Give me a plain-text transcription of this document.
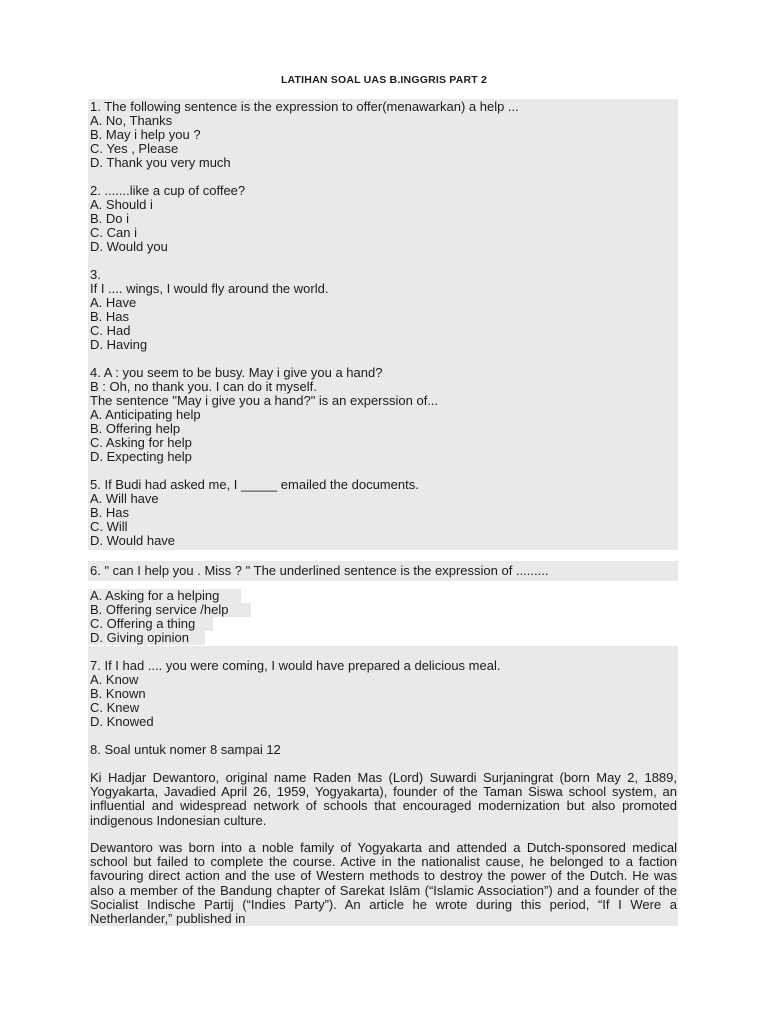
LATIHAN SOAL UAS B.INGGRIS PART 2
1. The following sentence is the expression to offer(menawarkan) a help ...
A. No, Thanks
B. May i help you ?
C. Yes , Please
D. Thank you very much
2. .......like a cup of coffee?
A. Should i
B. Do i
C. Can i
D. Would you
3.
If I .... wings, I would fly around the world.
A. Have
B. Has
C. Had
D. Having
4. A : you seem to be busy. May i give you a hand?
B : Oh, no thank you. I can do it myself.
The sentence "May i give you a hand?" is an experssion of...
A. Anticipating help
B. Offering help
C. Asking for help
D. Expecting help
5. If Budi had asked me, I _____ emailed the documents.
A. Will have
B. Has
C. Will
D. Would have
6. " can I help you . Miss ? " The underlined sentence is the expression of .........
A. Asking for a helping
B. Offering service /help
C. Offering a thing
D. Giving opinion
7. If I had .... you were coming, I would have prepared a delicious meal.
A. Know
B. Known
C. Knew
D. Knowed
8. Soal untuk nomer 8 sampai 12
Ki Hadjar Dewantoro, original name Raden Mas (Lord) Suwardi Surjaningrat (born May 2, 1889, Yogyakarta, Javadied April 26, 1959, Yogyakarta), founder of the Taman Siswa school system, an influential and widespread network of schools that encouraged modernization but also promoted indigenous Indonesian culture.
Dewantoro was born into a noble family of Yogyakarta and attended a Dutch-sponsored medical school but failed to complete the course. Active in the nationalist cause, he belonged to a faction favouring direct action and the use of Western methods to destroy the power of the Dutch. He was also a member of the Bandung chapter of Sarekat Islām (“Islamic Association”) and a founder of the Socialist Indische Partij (“Indies Party”). An article he wrote during this period, “If I Were a Netherlander,” published in
